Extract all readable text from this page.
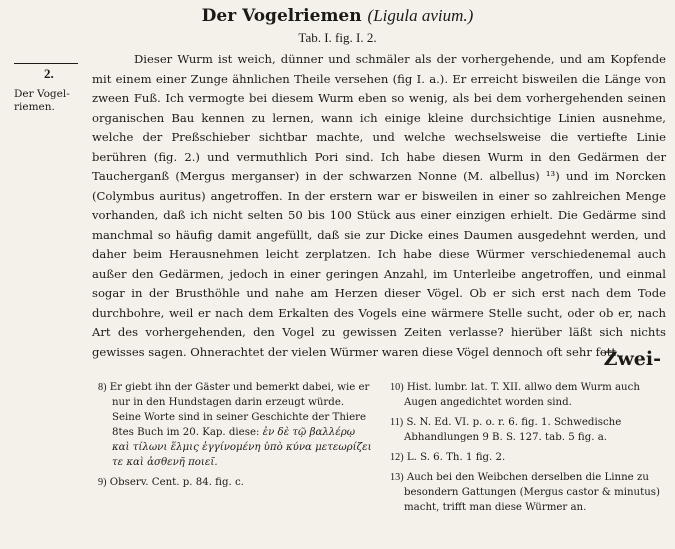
Der Vogelriemen (Ligula avium.)
Tab. I. fig. I. 2.
2.
Der Vogel-riemen.

Dieser Wurm ist weich, dünner und schmäler als der vorhergehende, und am Kopfende mit einem einer Zunge ähnlichen Theile versehen (fig I. a.). Er erreicht bisweilen die Länge von zween Fuß. Ich vermogte bei diesem Wurm eben so wenig, als bei dem vorhergehenden seinen organischen Bau kennen zu lernen, wann ich einige kleine durchsichtige Linien ausnehme, welche der Preßschieber sichtbar machte, und welche wechselsweise die vertiefte Linie berühren (fig. 2.) und vermuthlich Pori sind. Ich habe diesen Wurm in den Gedärmen der Taucherganß (Mergus merganser) in der schwarzen Nonne (M. albellus) ¹³) und im Norcken (Colymbus auritus) angetroffen. In der erstern war er bisweilen in einer so zahlreichen Menge vorhanden, daß ich nicht selten 50 bis 100 Stück aus einer einzigen erhielt. Die Gedärme sind manchmal so häufig damit angefüllt, daß sie zur Dicke eines Daumen ausgedehnt werden, und daher beim Herausnehmen leicht zerplatzen. Ich habe diese Würmer verschiedenemal auch außer den Gedärmen, jedoch in einer geringen Anzahl, im Unterleibe angetroffen, und einmal sogar in der Brusthöhle und nahe am Herzen dieser Vögel. Ob er sich erst nach dem Tode durchbohre, weil er nach dem Erkalten des Vogels eine wärmere Stelle sucht, oder ob er, nach Art des vorhergehenden, den Vogel zu gewissen Zeiten verlasse? hierüber läßt sich nichts gewisses sagen. Ohnerachtet der vielen Würmer waren diese Vögel dennoch oft sehr fett.

Zwei-

8) Er giebt ihn der Gäster und bemerkt dabei, wie er nur in den Hundstagen darin erzeugt würde. Seine Worte sind in seiner Geschichte der Thiere 8tes Buch im 20. Kap. diese: ἐν δὲ τῷ βαλλέρῳ καὶ τίλωνι ἕλμις ἐγγίνομένη ὑπὸ κύνα μετεωρίζει τε καὶ ἀσθενῆ ποιεῖ.

9) Observ. Cent. p. 84. fig. c.

10) Hist. lumbr. lat. T. XII. allwo dem Wurm auch Augen angedichtet worden sind.

11) S. N. Ed. VI. p. o. r. 6. fig. 1. Schwedische Abhandlungen 9 B. S. 127. tab. 5 fig. a.

12) L. S. 6. Th. 1 fig. 2.

13) Auch bei den Weibchen derselben die Linne zu besondern Gattungen (Mergus castor & minutus) macht, trifft man diese Würmer an.
